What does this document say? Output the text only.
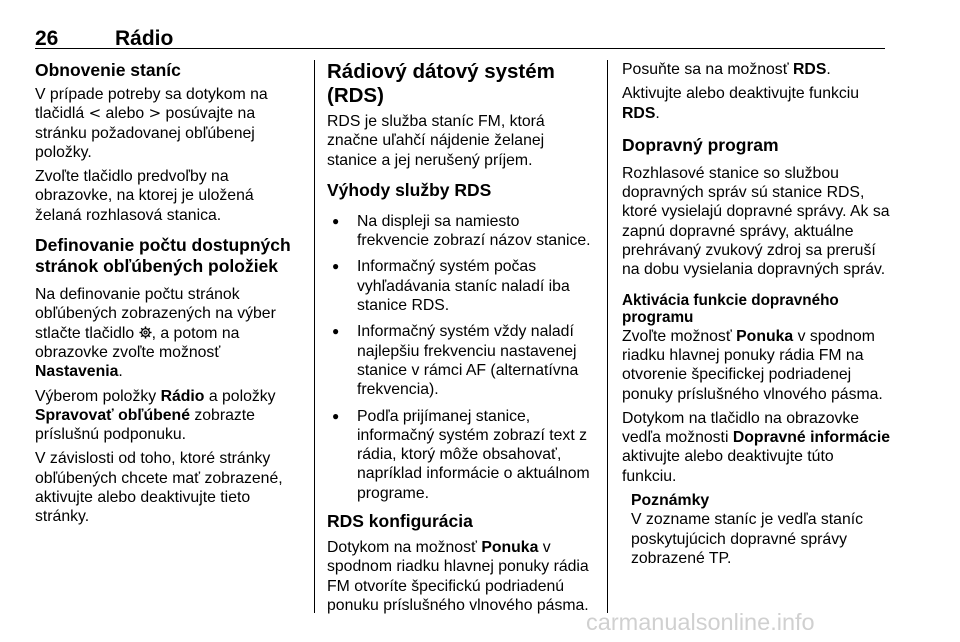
26	Rádio
Obnovenie staníc

V prípade potreby sa dotykom na tlačidlá < alebo > posúvajte na stránku požadovanej obľúbenej položky.

Zvoľte tlačidlo predvoľby na obrazovke, na ktorej je uložená želaná rozhlasová stanica.

Definovanie počtu dostupných stránok obľúbených položiek

Na definovanie počtu stránok obľúbených zobrazených na výber stlačte tlačidlo , a potom na obrazovke zvoľte možnosť Nastavenia.

Výberom položky Rádio a položky Spravovať obľúbené zobrazte príslušnú podponuku.

V závislosti od toho, ktoré stránky obľúbených chcete mať zobrazené, aktivujte alebo deaktivujte tieto stránky.

Rádiový dátový systém (RDS)

RDS je služba staníc FM, ktorá značne uľahčí nájdenie želanej stanice a jej nerušený príjem.

Výhody služby RDS
● Na displeji sa namiesto frekvencie zobrazí názov stanice.
● Informačný systém počas vyhľadávania staníc naladí iba stanice RDS.
● Informačný systém vždy naladí najlepšiu frekvenciu nastavenej stanice v rámci AF (alternatívna frekvencia).
● Podľa prijímanej stanice, informačný systém zobrazí text z rádia, ktorý môže obsahovať, napríklad informácie o aktuálnom programe.
RDS konfigurácia

Dotykom na možnosť Ponuka v spodnom riadku hlavnej ponuky rádia FM otvoríte špecifickú podriadenú ponuku príslušného vlnového pásma.

Posuňte sa na možnosť RDS.

Aktivujte alebo deaktivujte funkciu RDS.

Dopravný program

Rozhlasové stanice so službou dopravných správ sú stanice RDS, ktoré vysielajú dopravné správy. Ak sa zapnú dopravné správy, aktuálne prehrávaný zvukový zdroj sa preruší na dobu vysielania dopravných správ.

Aktivácia funkcie dopravného programu

Zvoľte možnosť Ponuka v spodnom riadku hlavnej ponuky rádia FM na otvorenie špecifickej podriadenej ponuky príslušného vlnového pásma.

Dotykom na tlačidlo na obrazovke vedľa možnosti Dopravné informácie aktivujte alebo deaktivujte túto funkciu.

Poznámky
V zozname staníc je vedľa staníc poskytujúcich dopravné správy zobrazené TP.
carmanualsonline.info
